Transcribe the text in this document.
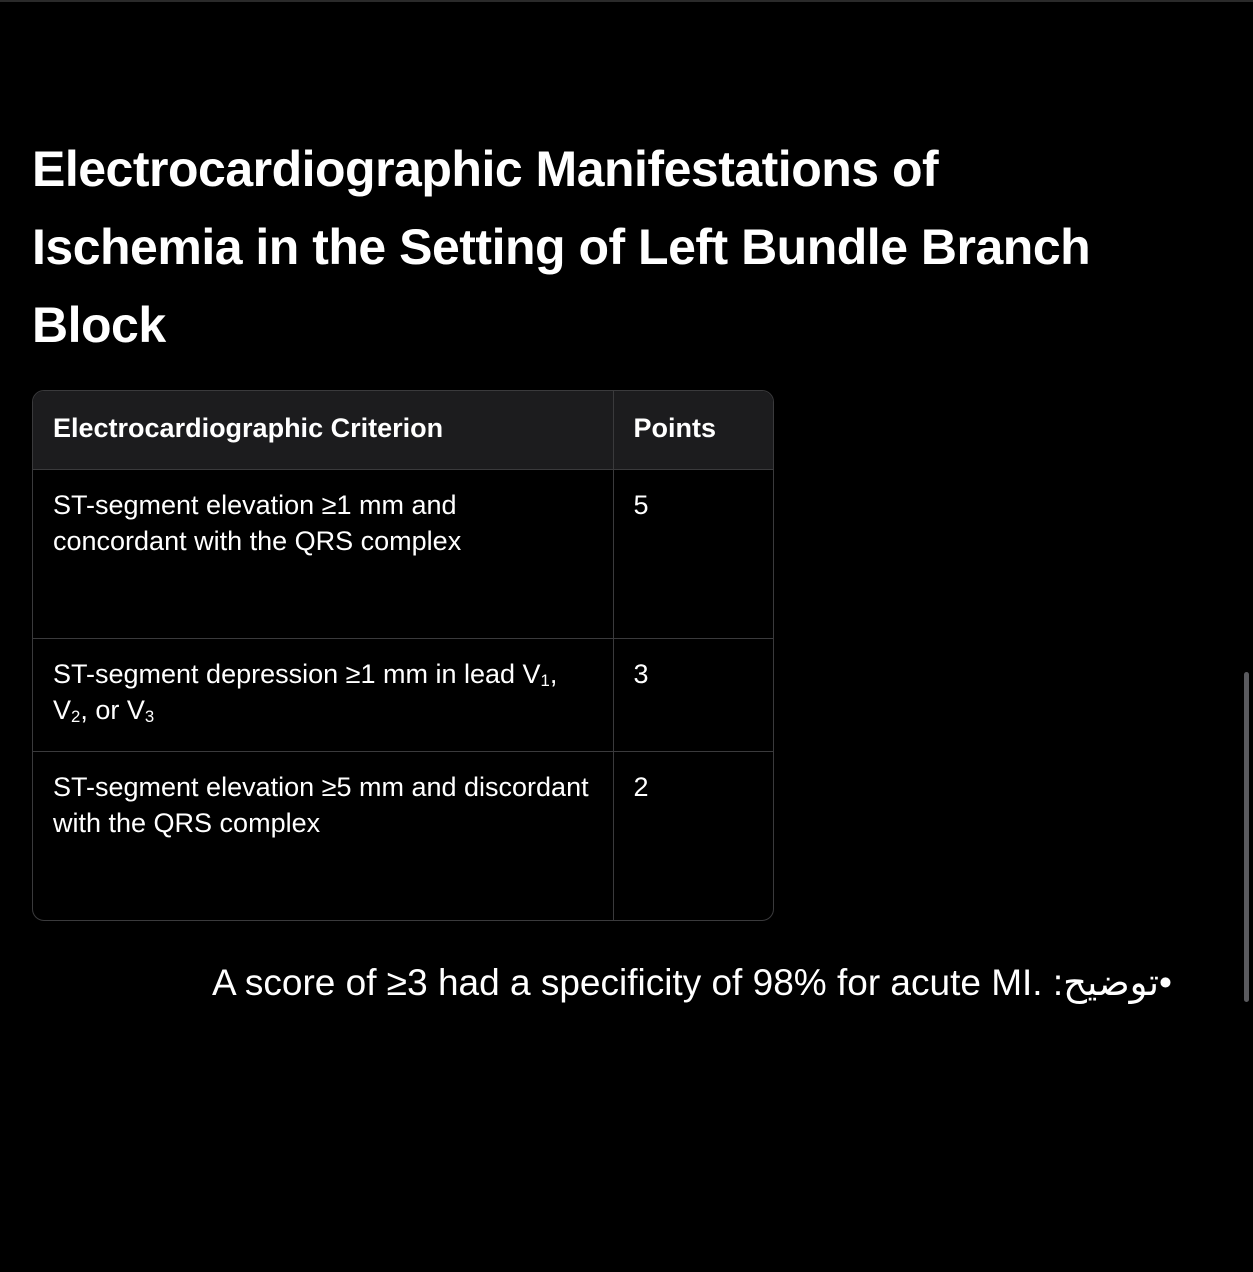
Electrocardiographic Manifestations of Ischemia in the Setting of Left Bundle Branch Block
Electrocardiographic Criterion	Points
ST-segment elevation ≥1 mm and concordant with the QRS complex	5
ST-segment depression ≥1 mm in lead $V_1$, $V_2$, or $V_3$	3
ST-segment elevation ≥5 mm and discordant with the QRS complex	2
•توضيح: A score of ≥3 had a specificity of 98% for acute MI.
